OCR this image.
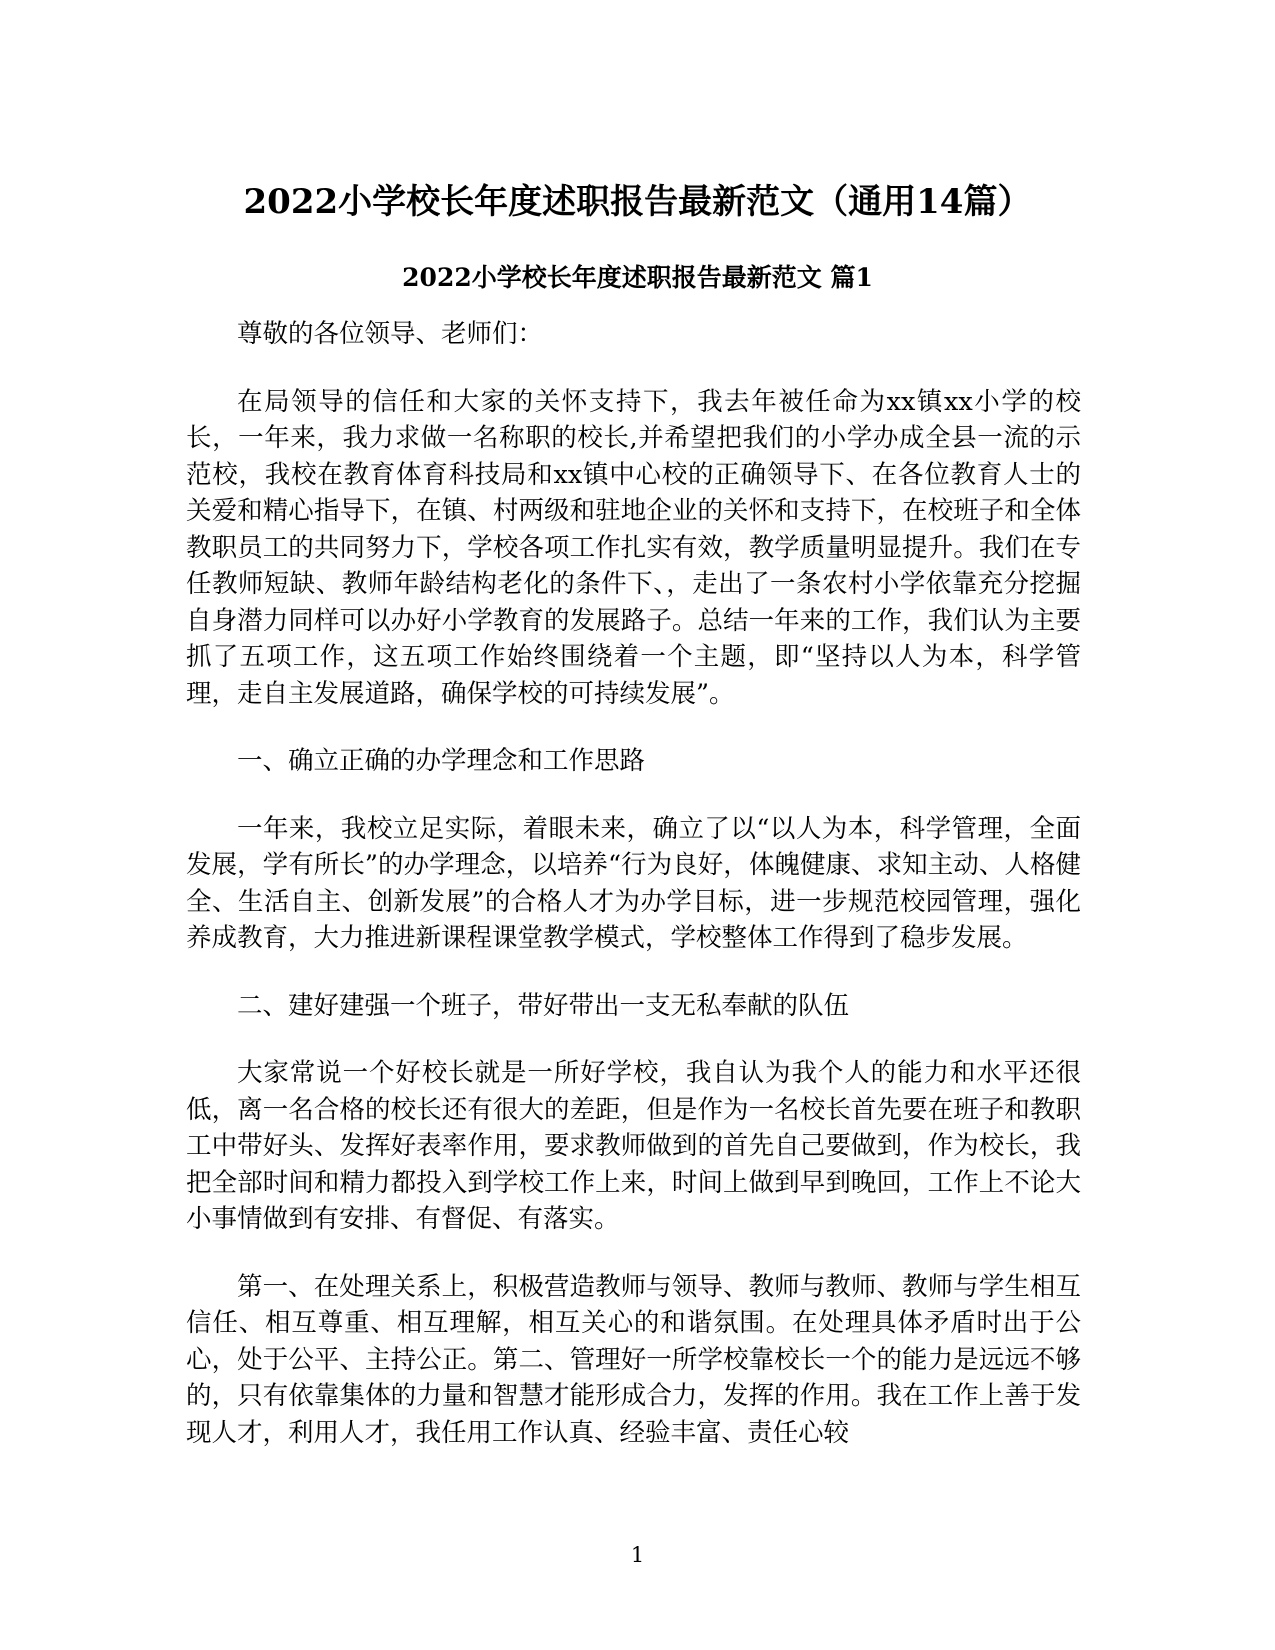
2022小学校长年度述职报告最新范文（通用14篇）
2022小学校长年度述职报告最新范文 篇1

尊敬的各位领导、老师们：

在局领导的信任和大家的关怀支持下，我去年被任命为xx镇xx小学的校长，一年来，我力求做一名称职的校长,并希望把我们的小学办成全县一流的示范校，我校在教育体育科技局和xx镇中心校的正确领导下、在各位教育人士的关爱和精心指导下，在镇、村两级和驻地企业的关怀和支持下，在校班子和全体教职员工的共同努力下，学校各项工作扎实有效，教学质量明显提升。我们在专任教师短缺、教师年龄结构老化的条件下、，走出了一条农村小学依靠充分挖掘自身潜力同样可以办好小学教育的发展路子。总结一年来的工作，我们认为主要抓了五项工作，这五项工作始终围绕着一个主题，即“坚持以人为本，科学管理，走自主发展道路，确保学校的可持续发展”。

一、确立正确的办学理念和工作思路

一年来，我校立足实际，着眼未来，确立了以“以人为本，科学管理，全面发展，学有所长”的办学理念，以培养“行为良好，体魄健康、求知主动、人格健全、生活自主、创新发展”的合格人才为办学目标，进一步规范校园管理，强化养成教育，大力推进新课程课堂教学模式，学校整体工作得到了稳步发展。

二、建好建强一个班子，带好带出一支无私奉献的队伍

大家常说一个好校长就是一所好学校，我自认为我个人的能力和水平还很低，离一名合格的校长还有很大的差距，但是作为一名校长首先要在班子和教职工中带好头、发挥好表率作用，要求教师做到的首先自己要做到，作为校长，我把全部时间和精力都投入到学校工作上来，时间上做到早到晚回，工作上不论大小事情做到有安排、有督促、有落实。

第一、在处理关系上，积极营造教师与领导、教师与教师、教师与学生相互信任、相互尊重、相互理解，相互关心的和谐氛围。在处理具体矛盾时出于公心，处于公平、主持公正。第二、管理好一所学校靠校长一个的能力是远远不够的，只有依靠集体的力量和智慧才能形成合力，发挥的作用。我在工作上善于发现人才，利用人才，我任用工作认真、经验丰富、责任心较

1
